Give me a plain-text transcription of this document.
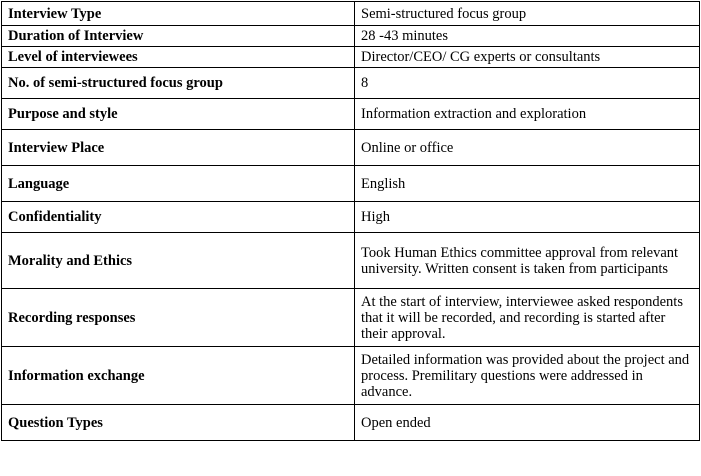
Interview Type	Semi-structured focus group
Duration of Interview	28 -43 minutes
Level of interviewees	Director/CEO/ CG experts or consultants
No. of semi-structured focus group	8
Purpose and style	Information extraction and exploration
Interview Place	Online or office
Language	English
Confidentiality	High
Morality and Ethics	Took Human Ethics committee approval from relevant university. Written consent is taken from participants
Recording responses	At the start of interview, interviewee asked respondents that it will be recorded, and recording is started after their approval.
Information exchange	Detailed information was provided about the project and process. Premilitary questions were addressed in advance.
Question Types	Open ended
